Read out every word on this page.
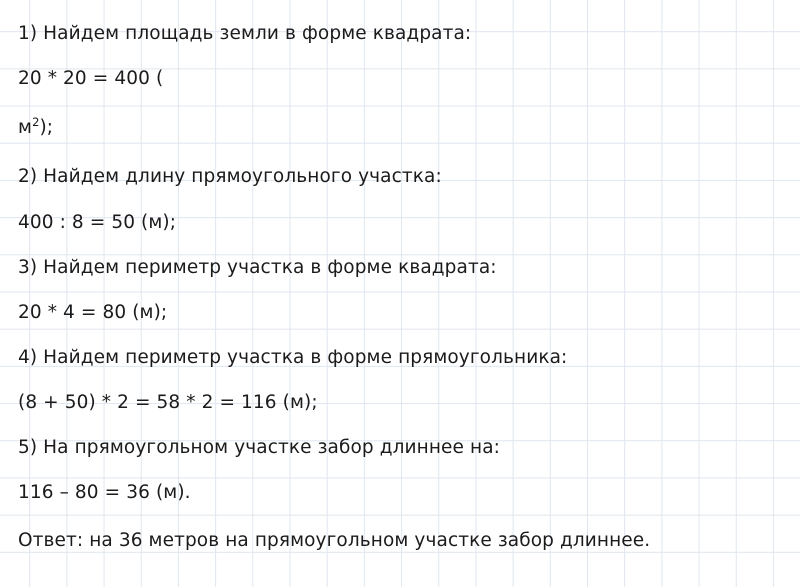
1) Найдем площадь земли в форме квадрата:
20 * 20 = 400 (
$м^2$);
2) Найдем длину прямоугольного участка:
400 : 8 = 50 (м);
3) Найдем периметр участка в форме квадрата:
20 * 4 = 80 (м);
4) Найдем периметр участка в форме прямоугольника:
(8 + 50) * 2 = 58 * 2 = 116 (м);
5) На прямоугольном участке забор длиннее на:
116 – 80 = 36 (м).
Ответ: на 36 метров на прямоугольном участке забор длиннее.
